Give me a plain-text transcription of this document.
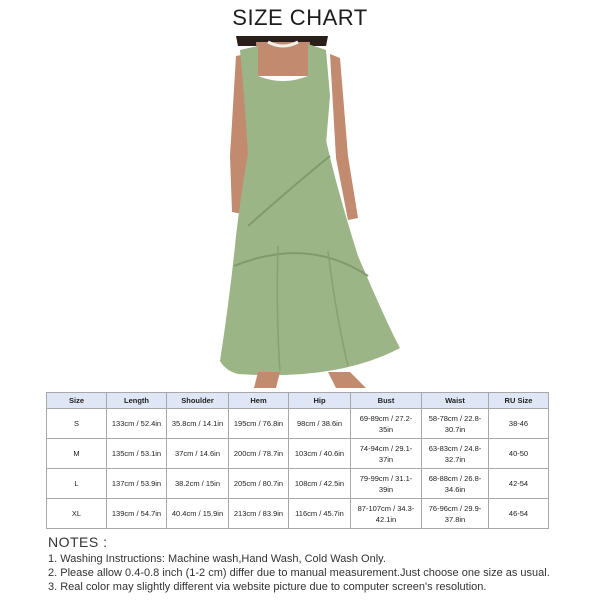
SIZE CHART
Size	Length	Shoulder	Hem	Hip	Bust	Waist	RU Size
S	133cm / 52.4in	35.8cm / 14.1in	195cm / 76.8in	98cm / 38.6in	69-89cm / 27.2-35in	58-78cm / 22.8-30.7in	38-46
M	135cm / 53.1in	37cm / 14.6in	200cm / 78.7in	103cm / 40.6in	74-94cm / 29.1-37in	63-83cm / 24.8-32.7in	40-50
L	137cm / 53.9in	38.2cm / 15in	205cm / 80.7in	108cm / 42.5in	79-99cm / 31.1-39in	68-88cm / 26.8-34.6in	42-54
XL	139cm / 54.7in	40.4cm / 15.9in	213cm / 83.9in	116cm / 45.7in	87-107cm / 34.3-42.1in	76-96cm / 29.9-37.8in	46-54
NOTES :
1. Washing Instructions: Machine wash,Hand Wash, Cold Wash Only.
2. Please allow 0.4-0.8 inch (1-2 cm) differ due to manual measurement.Just choose one size as usual.
3. Real color may slightly different via website picture due to computer screen's resolution.
